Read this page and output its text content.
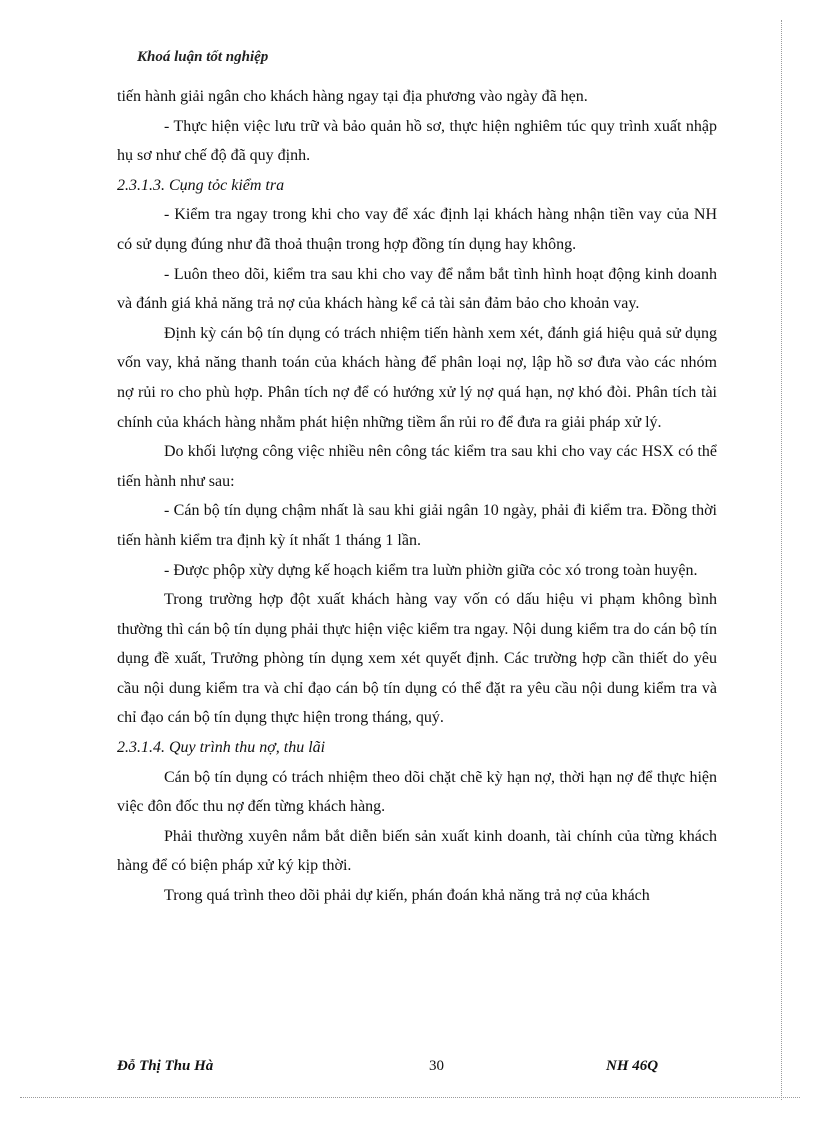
Khoá luận tốt nghiệp

tiến hành giải ngân cho khách hàng ngay tại địa phương vào ngày đã hẹn.

- Thực hiện việc lưu trữ và bảo quản hồ sơ, thực hiện nghiêm túc quy trình xuất nhập hụ sơ như chế độ đã quy định.

2.3.1.3. Cụng tỏc kiểm tra

- Kiểm tra ngay trong khi cho vay để xác định lại khách hàng nhận tiền vay của NH có sử dụng đúng như đã thoả thuận trong hợp đồng tín dụng hay không.

- Luôn theo dõi, kiểm tra sau khi cho vay để nắm bắt tình hình hoạt động kinh doanh và đánh giá khả năng trả nợ của khách hàng kể cả tài sản đảm bảo cho khoản vay.

Định kỳ cán bộ tín dụng có trách nhiệm tiến hành xem xét, đánh giá hiệu quả sử dụng vốn vay, khả năng thanh toán của khách hàng để phân loại nợ, lập hồ sơ đưa vào các nhóm nợ rủi ro cho phù hợp. Phân tích nợ để có hướng xử lý nợ quá hạn, nợ khó đòi. Phân tích tài chính của khách hàng nhằm phát hiện những tiềm ẩn rủi ro để đưa ra giải pháp xử lý.

Do khối lượng công việc nhiều nên công tác kiểm tra sau khi cho vay các HSX có thể tiến hành như sau:

- Cán bộ tín dụng chậm nhất là sau khi giải ngân 10 ngày, phải đi kiểm tra. Đồng thời tiến hành kiểm tra định kỳ ít nhất 1 tháng 1 lần.

- Được phộp xừy dựng kế hoạch kiểm tra luừn phiờn giữa cỏc xó trong toàn huyện.

Trong trường hợp đột xuất khách hàng vay vốn có dấu hiệu vi phạm không bình thường thì cán bộ tín dụng phải thực hiện việc kiểm tra ngay. Nội dung kiểm tra do cán bộ tín dụng đề xuất, Trưởng phòng tín dụng xem xét quyết định. Các trường hợp cần thiết do yêu cầu nội dung kiểm tra và chỉ đạo cán bộ tín dụng có thể đặt ra yêu cầu nội dung kiểm tra và chỉ đạo cán bộ tín dụng thực hiện trong tháng, quý.

2.3.1.4. Quy trình thu nợ, thu lãi

Cán bộ tín dụng có trách nhiệm theo dõi chặt chẽ kỳ hạn nợ, thời hạn nợ để thực hiện việc đôn đốc thu nợ đến từng khách hàng.

Phải thường xuyên nắm bắt diễn biến sản xuất kinh doanh, tài chính của từng khách hàng để có biện pháp xử ký kịp thời.

Trong quá trình theo dõi phải dự kiến, phán đoán khả năng trả nợ của khách

Đỗ Thị Thu Hà	30	NH 46Q
